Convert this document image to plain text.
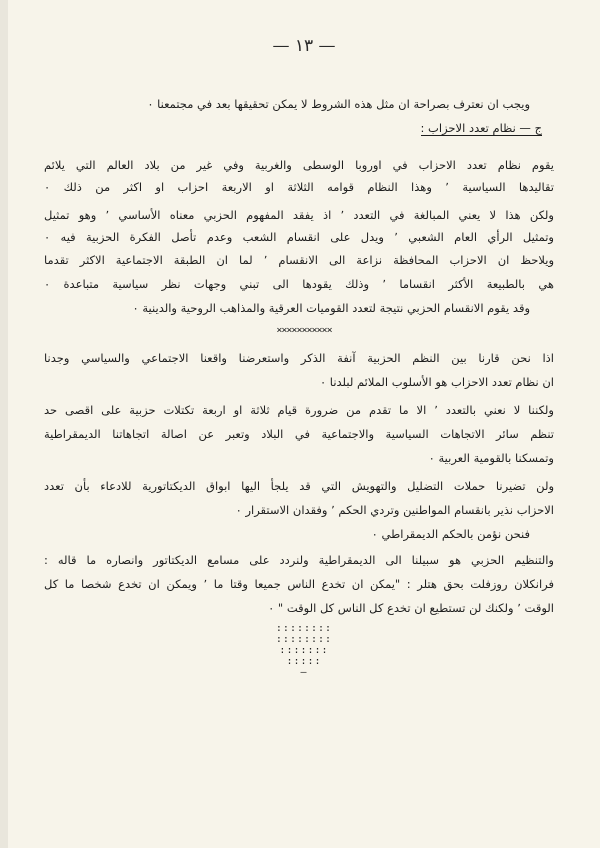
— ١٣ —
ويجب ان نعترف بصراحة ان مثل هذه الشروط لا يمكن تحقيقها بعد في مجتمعنا ٠
ج — نظام تعدد الاحزاب :
يقوم نظام تعدد الاحزاب في اوروبا الوسطى والغربية وفي غير من بلاد العالم التي يلائم
تقاليدها السياسية ٬ وهذا النظام قوامه الثلاثة او الاربعة احزاب او اكثر من ذلك ٠
ولكن هذا لا يعني المبالغة في التعدد ٬ اذ يفقد المفهوم الحزبي معناه الأساسي ٬ وهو تمثيل
وتمثيل الرأي العام الشعبي ٬ ويدل على انقسام الشعب وعدم تأصل الفكرة الحزبية فيه ٠
ويلاحظ ان الاحزاب المحافظة نزاعة الى الانقسام ٬ لما ان الطبقة الاجتماعية الاكثر تقدما
هي بالطبيعة الأكثر انقساما ٬ وذلك يقودها الى تبني وجهات نظر سياسية متباعدة ٠
وقد يقوم الانقسام الحزبي نتيجة لتعدد القوميات العرقية والمذاهب الروحية والدينية ٠
×××××××××××
اذا نحن قارنا بين النظم الحزبية آنفة الذكر واستعرضنا واقعنا الاجتماعي والسياسي وجدنا
ان نظام تعدد الاحزاب هو الأسلوب الملائم لبلدنا ٠
ولكننا لا نعني بالتعدد ٬ الا ما تقدم من ضرورة قيام ثلاثة او اربعة تكتلات حزبية على اقصى حد
تنظم سائر الاتجاهات السياسية والاجتماعية في البلاد وتعبر عن اصالة اتجاهاتنا الديمقراطية
وتمسكنا بالقومية العربية ٠
ولن تضيرنا حملات التضليل والتهويش التي قد يلجأ اليها ابواق الديكتاتورية للادعاء بأن تعدد
الاحزاب نذير بانقسام المواطنين وتردي الحكم ٬ وفقدان الاستقرار ٠
فنحن نؤمن بالحكم الديمقراطي ٠
والتنظيم الحزبي هو سبيلنا الى الديمقراطية ولنردد على مسامع الديكتاتور وانصاره ما قاله :
فرانكلان روزفلت بحق هتلر : "يمكن ان تخدع الناس جميعا وقتا ما ٬ ويمكن ان تخدع شخصا ما كل
الوقت ٬ ولكنك لن تستطيع ان تخدع كل الناس كل الوقت " ٠
::::::::
::::::::
:::::::
:::::
—
